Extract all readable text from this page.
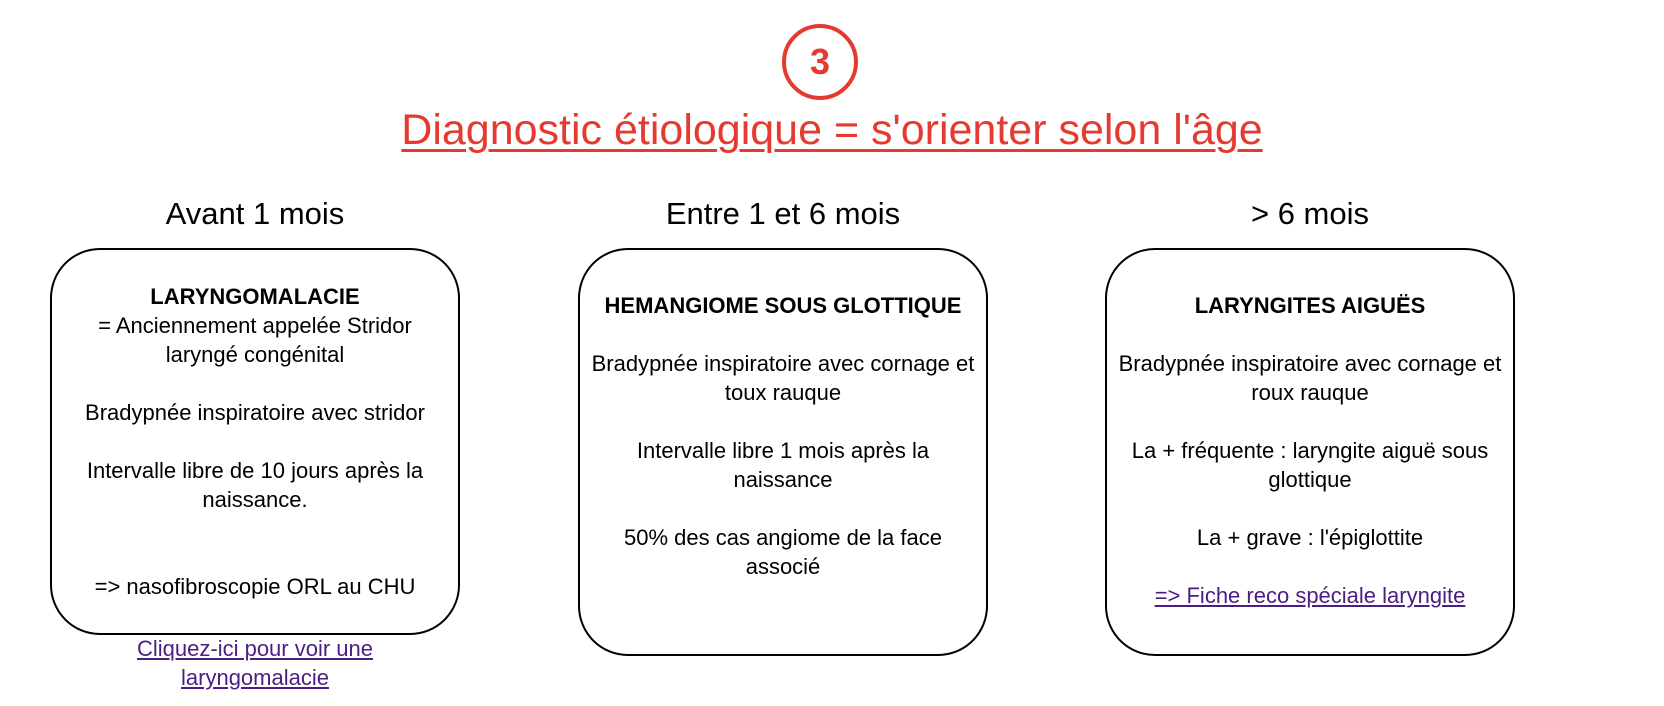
3
Diagnostic étiologique = s'orienter selon l'âge
Avant 1 mois

LARYNGOMALACIE

= Anciennement appelée Stridor laryngé congénital

Bradypnée inspiratoire avec stridor

Intervalle libre de 10 jours après la naissance.

=> nasofibroscopie ORL au CHU

Cliquez-ici pour voir une laryngomalacie
Entre 1 et 6 mois

HEMANGIOME SOUS GLOTTIQUE

Bradypnée inspiratoire avec cornage et toux rauque

Intervalle libre 1 mois après la naissance

50% des cas angiome de la face associé

> 6 mois

LARYNGITES AIGUËS

Bradypnée inspiratoire avec cornage et roux rauque

La + fréquente : laryngite aiguë sous glottique

La + grave : l'épiglottite

=> Fiche reco spéciale laryngite
